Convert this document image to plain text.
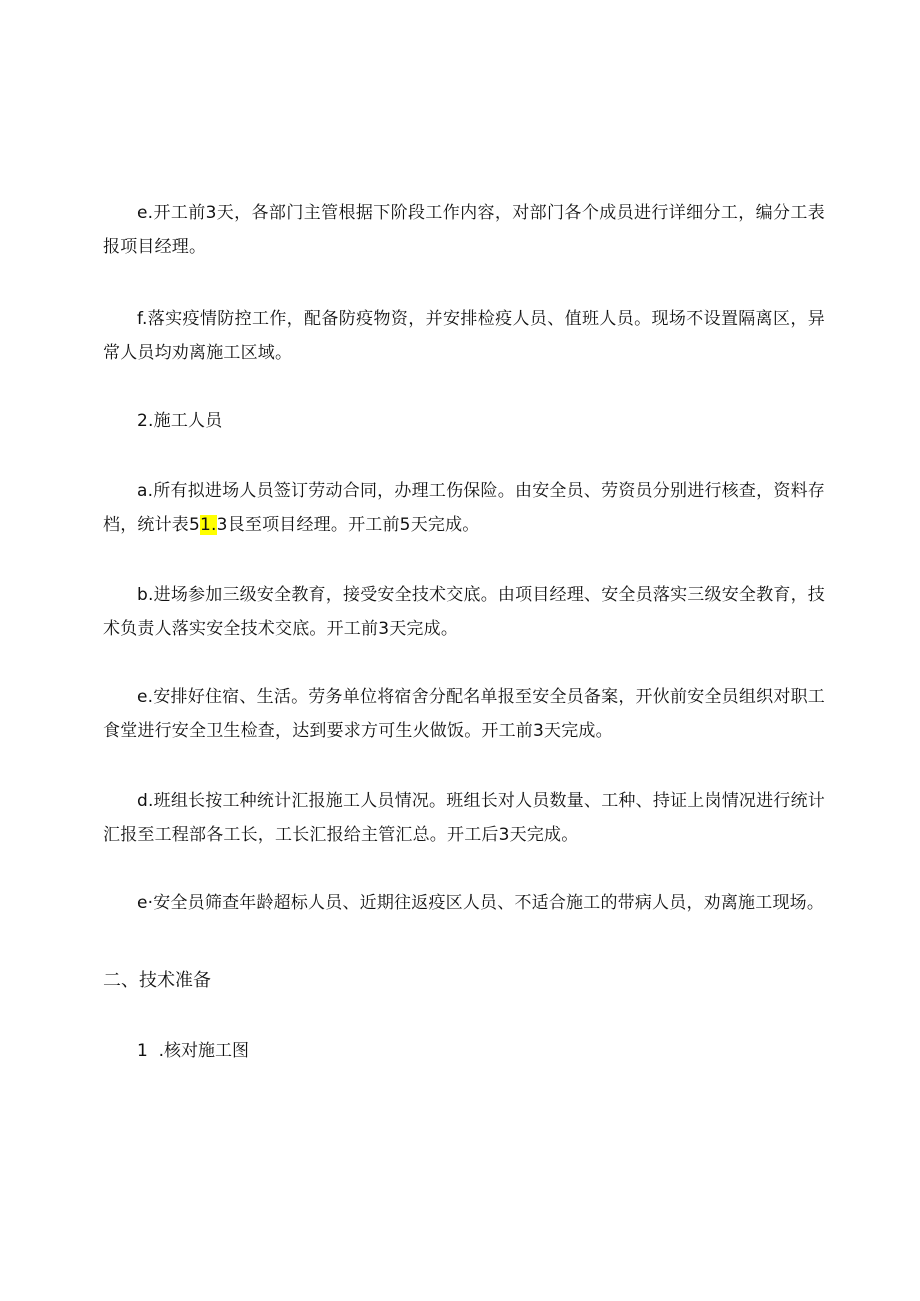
e.开工前3天，各部门主管根据下阶段工作内容，对部门各个成员进行详细分工，编分工表报项目经理。

f.落实疫情防控工作，配备防疫物资，并安排检疫人员、值班人员。现场不设置隔离区，异常人员均劝离施工区域。

2.施工人员

a.所有拟进场人员签订劳动合同，办理工伤保险。由安全员、劳资员分别进行核查，资料存档，统计表51.3艮至项目经理。开工前5天完成。

b.进场参加三级安全教育，接受安全技术交底。由项目经理、安全员落实三级安全教育，技术负责人落实安全技术交底。开工前3天完成。

e.安排好住宿、生活。劳务单位将宿舍分配名单报至安全员备案，开伙前安全员组织对职工食堂进行安全卫生检查，达到要求方可生火做饭。开工前3天完成。

d.班组长按工种统计汇报施工人员情况。班组长对人员数量、工种、持证上岗情况进行统计汇报至工程部各工长，工长汇报给主管汇总。开工后3天完成。

e·安全员筛查年龄超标人员、近期往返疫区人员、不适合施工的带病人员，劝离施工现场。

二、技术准备

1  .核对施工图
